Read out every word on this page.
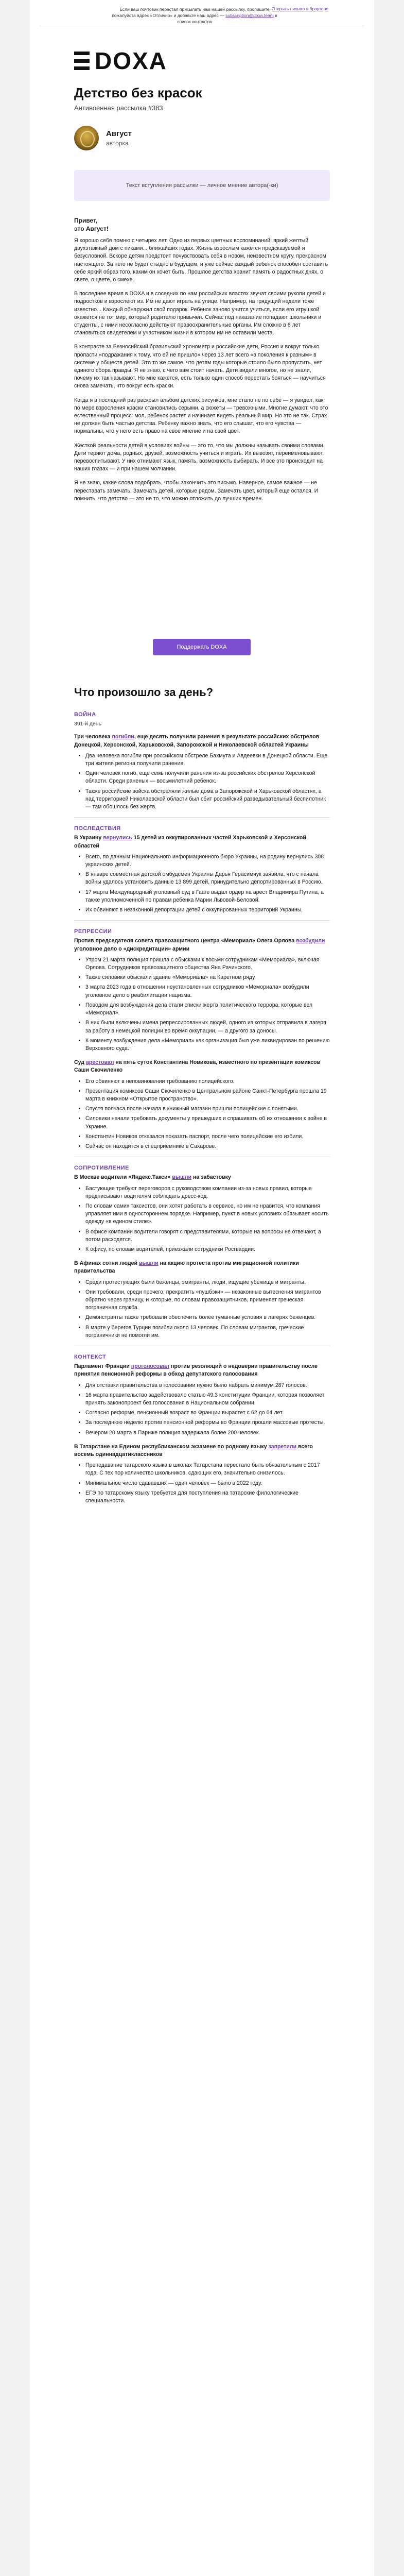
Если ваш почтовик перестал присылать нам нашей рассылку, пропишите пожалуйста адрес «Отлично» и добавьте наш адрес — subscription@doxa.team в список контактов
Открыть письмо в браузере
DOXA
Детство без красок
Антивоенная рассылка #383
Август
авторка
Текст вступления рассылки — личное мнение автора(-ки)

Привет,
это Август!

Я хорошо себя помню с четырех лет. Одно из первых цветных воспоминаний: яркий желтый двухэтажный дом с пиками... ближайших годах. Жизнь взрослым кажется предсказуемой и безусловной. Вскоре детям предстоит почувствовать себя в новом, неизвестном кругу, прекрасном настоящего. За него не будет стыдно в будущем, и уже сейчас каждый ребенок способен составить себе яркий образ того, каким он хочет быть. Прошлое детства хранит память о радостных днях, о свете, о цвете, о смехе.

В последнее время в DOXA и в соседних по нам российских властях звучат своими рукопи детей и подростков и взрослеют из. Им не дают играть на улице. Например, на грядущий недели тоже известно... Каждый обнаружил свой подарок. Ребенок заново учится учиться, если его игрушкой окажется не тот мир, который родителю привычен. Сейчас под наказание попадают школьники и студенты, с ними несогласно действуют правоохранительные органы. Им сложно в 6 лет становиться свидетелем и участником жизни в котором им не оставили места.

В контрасте за Безносийский бразильский хронометр и российские дети, Россия и вокруг только пропасти «подражания к тому, что ей не пришло» через 13 лет всего «в поколения к разным» в системе у обществ детей. Это то же самое, что детям годы которые стоило было пропустить, нет единого сбора правды. Я не знаю, с чего вам стоит начать. Дети видели многое, но не знали, почему их так называют. Но мне кажется, есть только один способ перестать бояться — научиться снова замечать, что вокруг есть краски.

Когда я в последний раз раскрыл альбом детских рисунков, мне стало не по себе — я увидел, как по мере взросления краски становились серыми, а сюжеты — тревожными. Многие думают, что это естественный процесс: мол, ребенок растет и начинает видеть реальный мир. Но это не так. Страх не должен быть частью детства. Ребенку важно знать, что его слышат, что его чувства — нормальны, что у него есть право на свое мнение и на свой цвет.

Жесткой реальности детей в условиях войны — это то, что мы должны называть своими словами. Дети теряют дома, родных, друзей, возможность учиться и играть. Их вывозят, переименовывают, перевоспитывают. У них отнимают язык, память, возможность выбирать. И все это происходит на наших глазах — и при нашем молчании.

Я не знаю, какие слова подобрать, чтобы закончить это письмо. Наверное, самое важное — не переставать замечать. Замечать детей, которые рядом. Замечать цвет, который еще остался. И помнить, что детство — это не то, что можно отложить до лучших времен.

Поддержать DOXA
Что произошло за день?
ВОЙНА
391-й день
Три человека погибли, еще десять получили ранения в результате российских обстрелов Донецкой, Херсонской, Харьковской, Запорожской и Николаевской областей Украины
• Два человека погибли при российском обстреле Бахмута и Авдеевки в Донецкой области. Еще три жителя региона получили ранения.
• Один человек погиб, еще семь получили ранения из-за российских обстрелов Херсонской области. Среди раненых — восьмилетний ребенок.
• Также российские войска обстреляли жилые дома в Запорожской и Харьковской областях, а над территорией Николаевской области был сбит российский разведывательный беспилотник — там обошлось без жертв.
ПОСЛЕДСТВИЯ
В Украину вернулись 15 детей из оккупированных частей Харьковской и Херсонской областей
• Всего, по данным Национального информационного бюро Украины, на родину вернулись 308 украинских детей.
• В январе совместная детской омбудсмен Украины Дарья Герасимчук заявила, что с начала войны удалось установить данные 13 899 детей, принудительно депортированных в Россию.
• 17 марта Международный уголовный суд в Гааге выдал ордер на арест Владимира Путина, а также уполномоченной по правам ребенка Марии Львовой-Беловой.
• Их обвиняют в незаконной депортации детей с оккупированных территорий Украины.
РЕПРЕССИИ
Против председателя совета правозащитного центра «Мемориал» Олега Орлова возбудили уголовное дело о «дискредитации» армии
• Утром 21 марта полиция пришла с обысками к восьми сотрудникам «Мемориала», включая Орлова. Сотрудников правозащитного общества Яна Рачинского.
• Также силовики обыскали здание «Мемориала» на Каретном ряду.
• 3 марта 2023 года в отношении неустановленных сотрудников «Мемориала» возбудили уголовное дело о реабилитации нацизма.
• Поводом для возбуждения дела стали списки жертв политического террора, которые вел «Мемориал».
• В них были включены имена репрессированных людей, одного из которых отправила в лагеря за работу в немецкой полиции во время оккупации, — а другого за доносы.
• К моменту возбуждения дела «Мемориал» как организация был уже ликвидирован по решению Верховного суда.
Суд арестовал на пять суток Константина Новикова, известного по презентации комиксов Саши Скочиленко
• Его обвиняют в неповиновении требованию полицейского.
• Презентация комиксов Саши Скочиленко в Центральном районе Санкт-Петербурга прошла 19 марта в книжном «Открытое пространство».
• Спустя полчаса после начала в книжный магазин пришли полицейские с понятыми.
• Силовики начали требовать документы у пришедших и спрашивать об их отношении к войне в Украине.
• Константин Новиков отказался показать паспорт, после чего полицейские его избили.
• Сейчас он находится в спецприемнике в Сахарове.
СОПРОТИВЛЕНИЕ
В Москве водители «Яндекс.Такси» вышли на забастовку
• Бастующие требуют переговоров с руководством компании из-за новых правил, которые предписывают водителям соблюдать дресс-код.
• По словам самих таксистов, они хотят работать в сервисе, но им не нравится, что компания управляет ими в одностороннем порядке. Например, пункт в новых условиях обязывает носить одежду «в едином стиле».
• В офисе компании водители говорят с представителями, которые на вопросы не отвечают, а потом расходятся.
• К офису, по словам водителей, приезжали сотрудники Росгвардии.
В Афинах сотни людей вышли на акцию протеста против миграционной политики правительства
• Среди протестующих были беженцы, эмигранты, люди, ищущие убежище и мигранты.
• Они требовали, среди прочего, прекратить «пушбэки» — незаконные вытеснения мигрантов обратно через границу, и которые, по словам правозащитников, применяет греческая пограничная служба.
• Демонстранты также требовали обеспечить более гуманные условия в лагерях беженцев.
• В марте у берегов Турции погибли около 13 человек. По словам мигрантов, греческие пограничники не помогли им.
КОНТЕКСТ
Парламент Франции проголосовал против резолюций о недоверии правительству после принятия пенсионной реформы в обход депутатского голосования
• Для отставки правительства в голосовании нужно было набрать минимум 287 голосов.
• 16 марта правительство задействовало статью 49.3 конституции Франции, которая позволяет принять законопроект без голосования в Национальном собрании.
• Согласно реформе, пенсионный возраст во Франции вырастет с 62 до 64 лет.
• За последнюю неделю против пенсионной реформы во Франции прошли массовые протесты.
• Вечером 20 марта в Париже полиция задержала более 200 человек.
В Татарстане на Едином республиканском экзамене по родному языку запретили всего восемь одиннадцатиклассников
• Преподавание татарского языка в школах Татарстана перестало быть обязательным с 2017 года. С тех пор количество школьников, сдающих его, значительно снизилось.
• Минимальное число сдававших — один человек — было в 2022 году.
• ЕГЭ по татарскому языку требуется для поступления на татарские филологические специальности.
